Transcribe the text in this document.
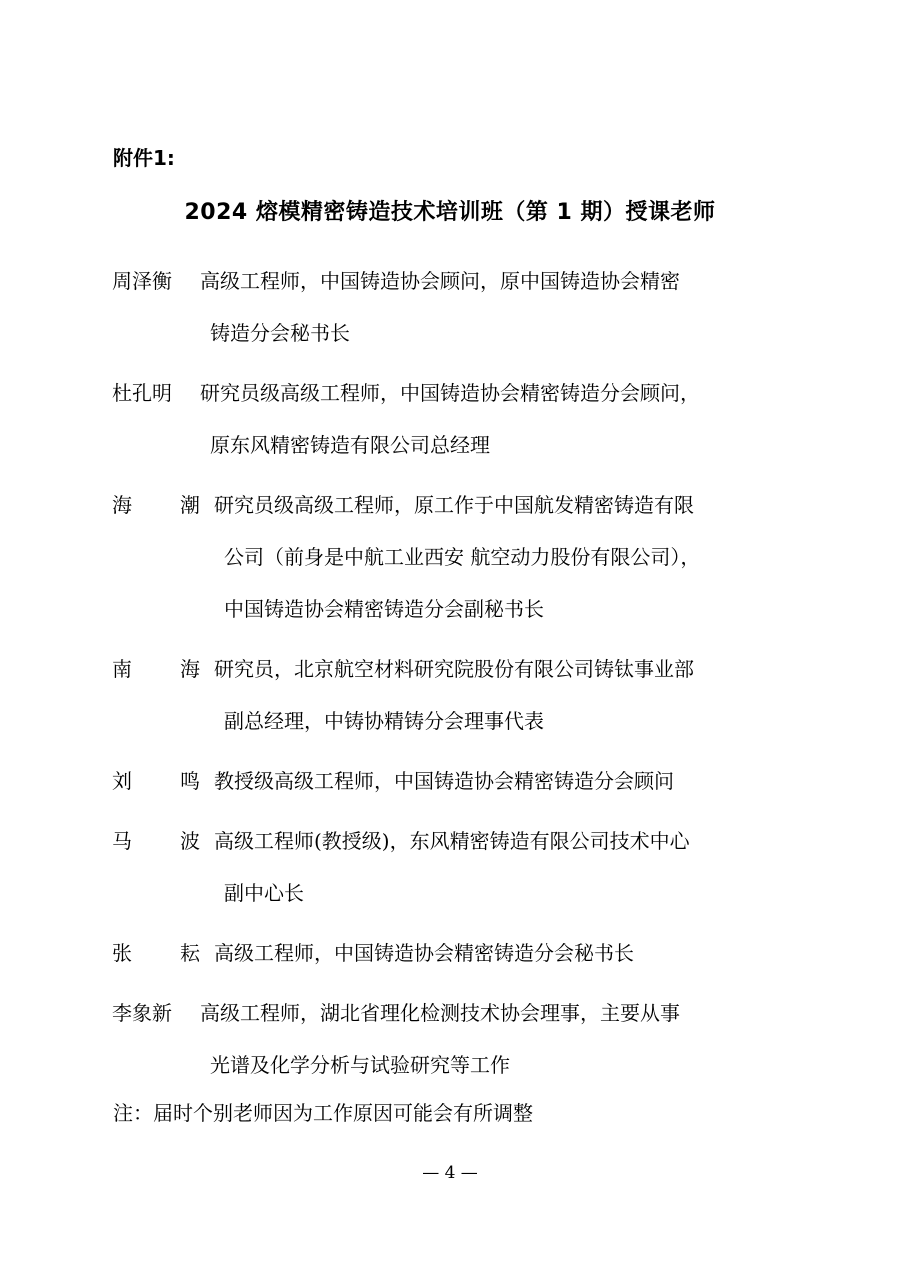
附件1:
2024 熔模精密铸造技术培训班（第 1 期）授课老师
周泽衡 高级工程师，中国铸造协会顾问，原中国铸造协会精密
铸造分会秘书长
杜孔明 研究员级高级工程师，中国铸造协会精密铸造分会顾问，
原东风精密铸造有限公司总经理
海 潮 研究员级高级工程师，原工作于中国航发精密铸造有限
公司（前身是中航工业西安 航空动力股份有限公司），
中国铸造协会精密铸造分会副秘书长
南 海 研究员，北京航空材料研究院股份有限公司铸钛事业部
副总经理，中铸协精铸分会理事代表
刘 鸣 教授级高级工程师，中国铸造协会精密铸造分会顾问
马 波 高级工程师(教授级)，东风精密铸造有限公司技术中心
副中心长
张 耘 高级工程师，中国铸造协会精密铸造分会秘书长
李象新 高级工程师，湖北省理化检测技术协会理事，主要从事
光谱及化学分析与试验研究等工作
注：届时个别老师因为工作原因可能会有所调整
— 4 —
